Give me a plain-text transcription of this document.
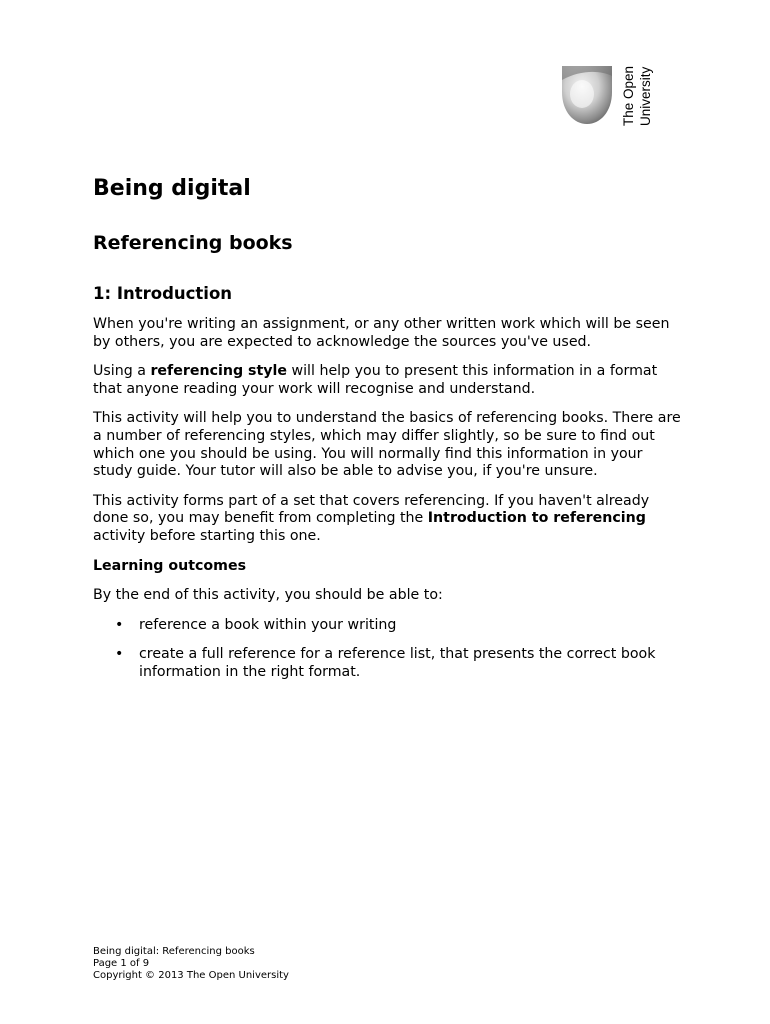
The Open University
Being digital
Referencing books
1: Introduction

When you're writing an assignment, or any other written work which will be seen by others, you are expected to acknowledge the sources you've used.

Using a referencing style will help you to present this information in a format that anyone reading your work will recognise and understand.

This activity will help you to understand the basics of referencing books. There are a number of referencing styles, which may differ slightly, so be sure to find out which one you should be using. You will normally find this information in your study guide. Your tutor will also be able to advise you, if you're unsure.

This activity forms part of a set that covers referencing. If you haven't already done so, you may benefit from completing the Introduction to referencing activity before starting this one.

Learning outcomes

By the end of this activity, you should be able to:

• reference a book within your writing
• create a full reference for a reference list, that presents the correct book information in the right format.
Being digital: Referencing books
Page 1 of 9
Copyright © 2013 The Open University
